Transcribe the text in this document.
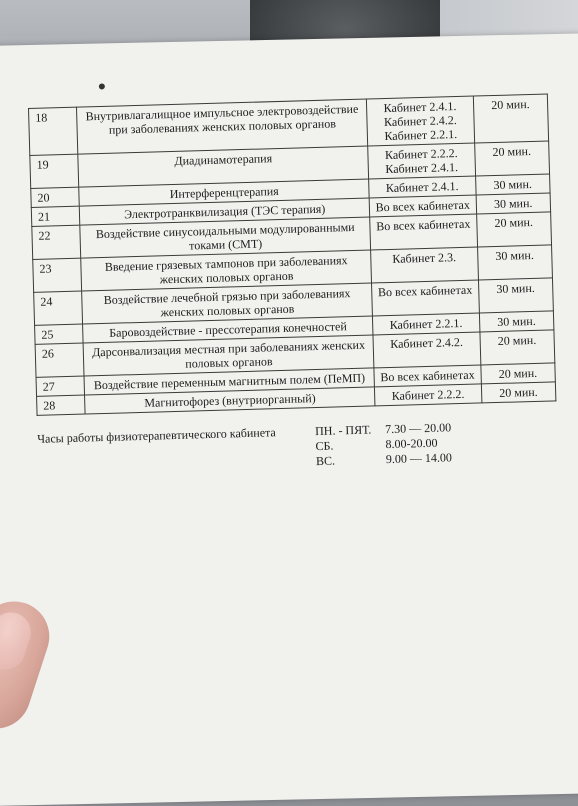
18	Внутривлагалищное импульсное электровоздействие при заболеваниях женских половых органов	Кабинет 2.4.1. Кабинет 2.4.2. Кабинет 2.2.1.	20 мин.
19	Диадинамотерапия	Кабинет 2.2.2. Кабинет 2.4.1.	20 мин.
20	Интерференцтерапия	Кабинет 2.4.1.	30 мин.
21	Электротранквилизация (ТЭС терапия)	Во всех кабинетах	30 мин.
22	Воздействие синусоидальными модулированными токами (СМТ)	Во всех кабинетах	20 мин.
23	Введение грязевых тампонов при заболеваниях женских половых органов	Кабинет 2.3.	30 мин.
24	Воздействие лечебной грязью при заболеваниях женских половых органов	Во всех кабинетах	30 мин.
25	Баровоздействие - прессотерапия конечностей	Кабинет 2.2.1.	30 мин.
26	Дарсонвализация местная при заболеваниях женских половых органов	Кабинет 2.4.2.	20 мин.
27	Воздействие переменным магнитным полем (ПеМП)	Во всех кабинетах	20 мин.
28	Магнитофорез (внутриорганный)	Кабинет 2.2.2.	20 мин.
Часы работы физиотерапевтического кабинета	ПН. - ПЯТ.	7.30 — 20.00
СБ.	8.00-20.00
ВС.	9.00 — 14.00
